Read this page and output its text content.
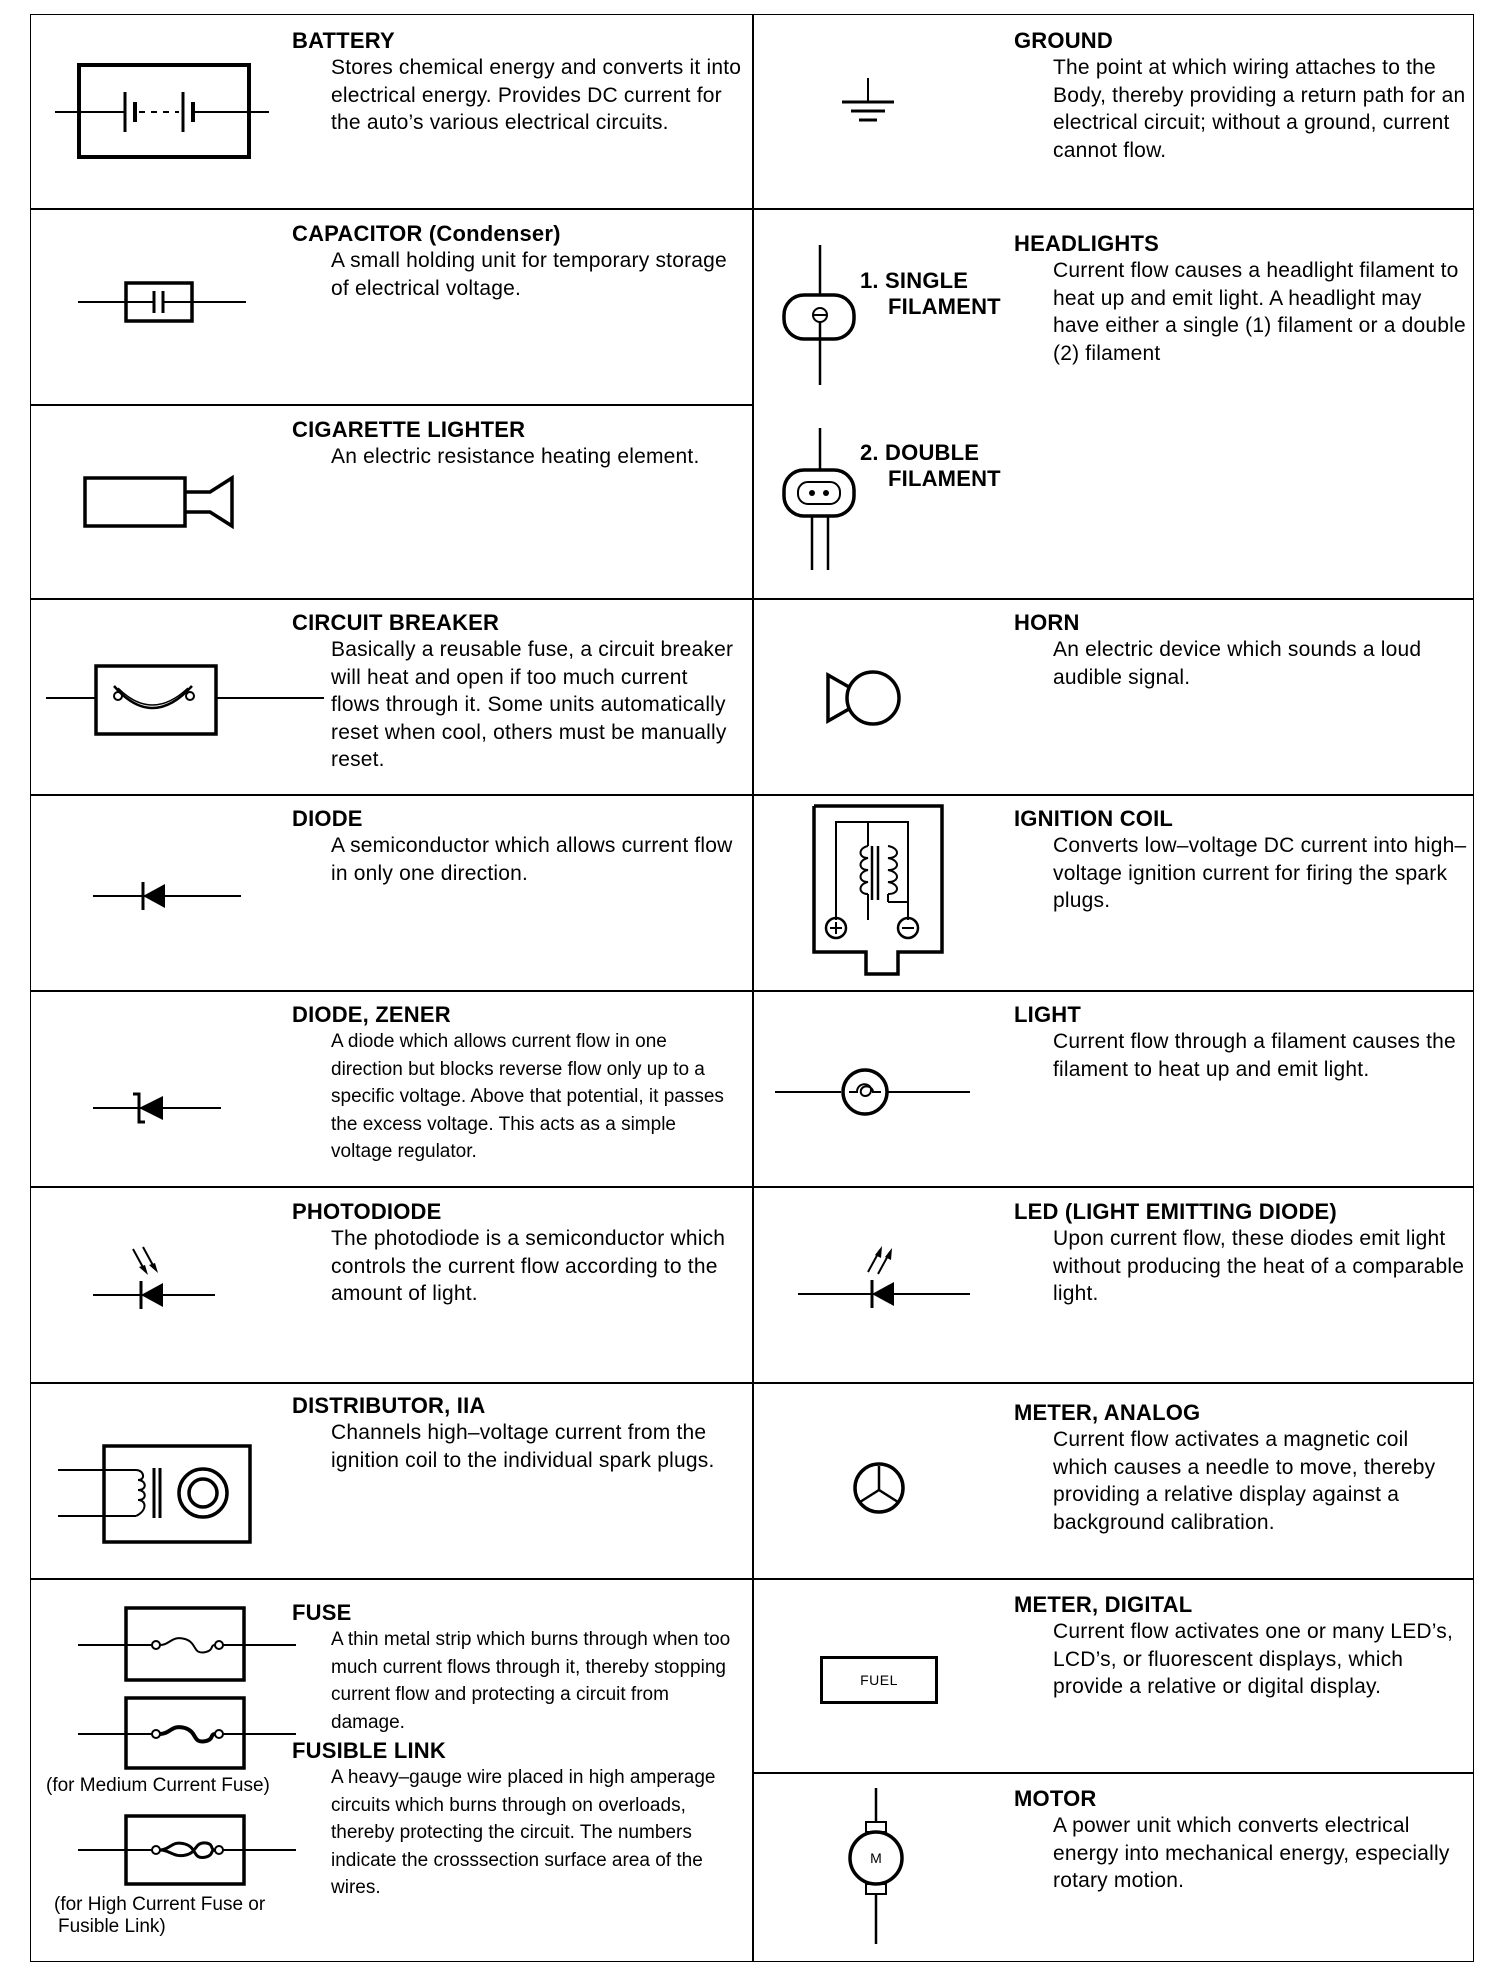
BATTERY

Stores chemical energy and converts it into electrical energy. Provides DC current for the auto’s various electrical circuits.

CAPACITOR (Condenser)

A small holding unit for temporary storage of electrical voltage.

CIGARETTE LIGHTER

An electric resistance heating element.

CIRCUIT BREAKER

Basically a reusable fuse, a circuit breaker will heat and open if too much current flows through it. Some units automatically reset when cool, others must be manually reset.

DIODE

A semiconductor which allows current flow in only one direction.

DIODE, ZENER

A diode which allows current flow in one direction but blocks reverse flow only up to a specific voltage. Above that potential, it passes the excess voltage. This acts as a simple voltage regulator.

PHOTODIODE

The photodiode is a semiconductor which controls the current flow according to the amount of light.

DISTRIBUTOR, IIA

Channels high–voltage current from the ignition coil to the individual spark plugs.

(for Medium Current Fuse)
(for High Current Fuse or
Fusible Link)
FUSE

A thin metal strip which burns through when too much current flows through it, thereby stopping current flow and protecting a circuit from damage.

FUSIBLE LINK

A heavy–gauge wire placed in high amperage circuits which burns through on overloads, thereby protecting the circuit. The numbers indicate the crosssection surface area of the wires.

GROUND

The point at which wiring attaches to the Body, thereby providing a return path for an electrical circuit; without a ground, current cannot flow.

1. SINGLE
FILAMENT
2. DOUBLE
FILAMENT
HEADLIGHTS

Current flow causes a headlight filament to heat up and emit light. A headlight may have either a single (1) filament or a double (2) filament

HORN

An electric device which sounds a loud audible signal.

IGNITION COIL

Converts low–voltage DC current into high–voltage ignition current for firing the spark plugs.

LIGHT

Current flow through a filament causes the filament to heat up and emit light.

LED (LIGHT EMITTING DIODE)

Upon current flow, these diodes emit light without producing the heat of a comparable light.

METER, ANALOG

Current flow activates a magnetic coil which causes a needle to move, thereby providing a relative display against a background calibration.

FUEL
METER, DIGITAL

Current flow activates one or many LED’s, LCD’s, or fluorescent displays, which provide a relative or digital display.

M
MOTOR

A power unit which converts electrical energy into mechanical energy, especially rotary motion.
